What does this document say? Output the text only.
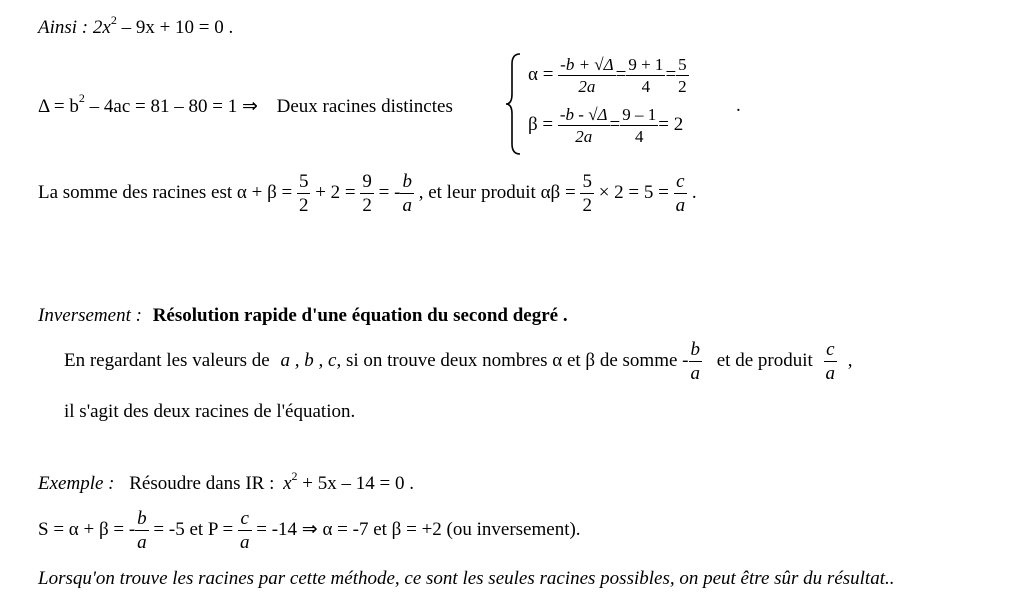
Ainsi : $2x^2 - 9x + 10 = 0$ .
$\Delta = b^2 - 4ac = 81 - 80 = 1$ ⇒ Deux racines distinctes
$\alpha = \frac{-b + √\Delta}{2a} = \frac{9 + 1}{4} = \frac{5}{2}$
.
$\beta = \frac{-b - √\Delta}{2a} = \frac{9 - 1}{4} = 2$
La somme des racines est $\alpha + \beta = \frac{5}{2} + 2 = \frac{9}{2}$ = - $\frac{b}{a}$ , et leur produit $\alpha\beta = \frac{5}{2} \times 2 = 5 = \frac{c}{a}$ .
Inversement : Résolution rapide d'une équation du second degré .
En regardant les valeurs de a , b , c, si on trouve deux nombres α et β de somme - $\frac{b}{a}$ et de produit $\frac{c}{a}$ ,
il s'agit des deux racines de l'équation.
Exemple : Résoudre dans IR : $x^2 + 5x - 14 = 0$ .
S = α + β = - $\frac{b}{a} = -5$ et $P = \frac{c}{a} = -14$ ⇒ α = -7 et β = +2 (ou inversement).
Lorsqu'on trouve les racines par cette méthode, ce sont les seules racines possibles, on peut être sûr du résultat..
